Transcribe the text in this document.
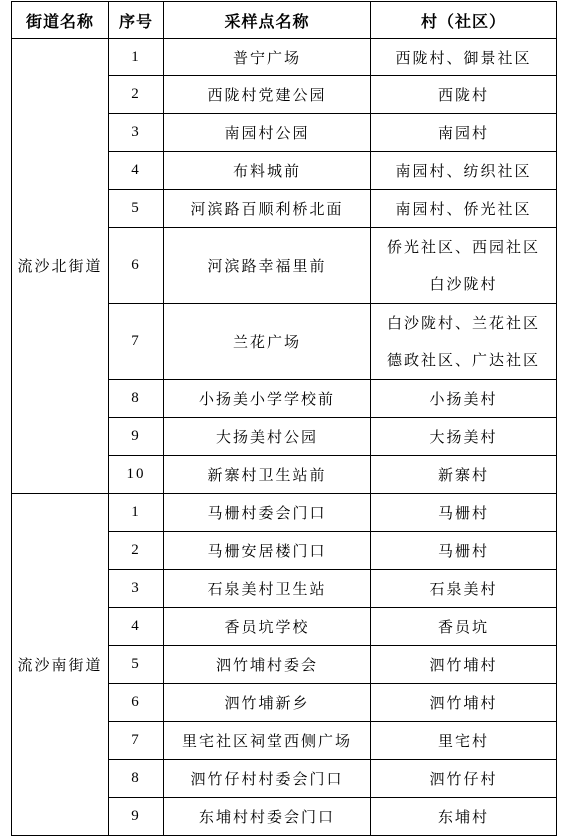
街道名称	序号	采样点名称	村（社区）
流沙北街道	1	普宁广场	西陇村、御景社区
	2	西陇村党建公园	西陇村
	3	南园村公园	南园村
	4	布料城前	南园村、纺织社区
	5	河滨路百顺利桥北面	南园村、侨光社区
	6	河滨路幸福里前	侨光社区、西园社区
白沙陇村

	7	兰花广场	白沙陇村、兰花社区
德政社区、广达社区

	8	小扬美小学学校前	小扬美村
	9	大扬美村公园	大扬美村
	10	新寨村卫生站前	新寨村
流沙南街道	1	马栅村委会门口	马栅村
	2	马栅安居楼门口	马栅村
	3	石泉美村卫生站	石泉美村
	4	香员坑学校	香员坑
	5	泗竹埔村委会	泗竹埔村
	6	泗竹埔新乡	泗竹埔村
	7	里宅社区祠堂西侧广场	里宅村
	8	泗竹仔村村委会门口	泗竹仔村
	9	东埔村村委会门口	东埔村
